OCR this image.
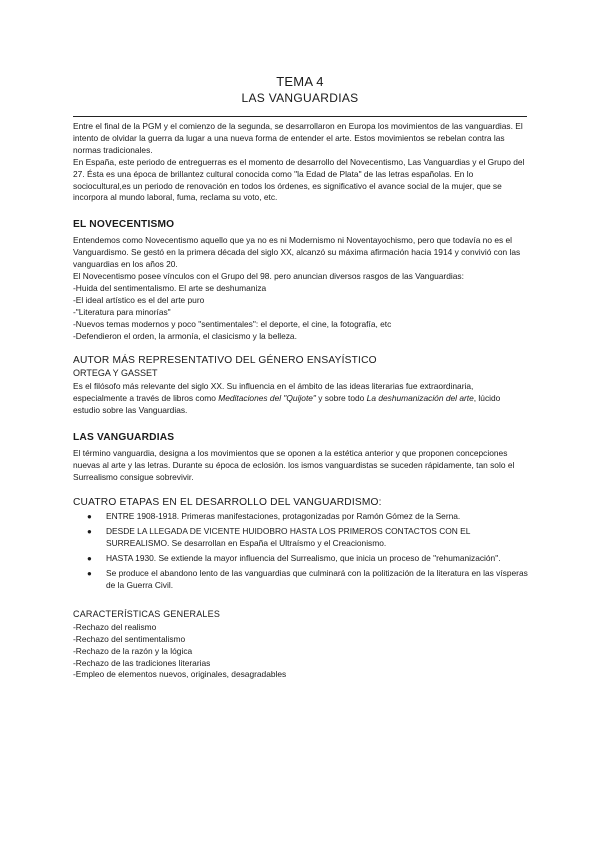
TEMA 4
LAS VANGUARDIAS

Entre el final de la PGM y el comienzo de la segunda, se desarrollaron en Europa los movimientos de las vanguardias. El intento de olvidar la guerra da lugar a una nueva forma de entender el arte. Estos movimientos se rebelan contra las normas tradicionales.

En España, este periodo de entreguerras es el momento de desarrollo del Novecentismo, Las Vanguardias y el Grupo del 27. Ésta es una época de brillantez cultural conocida como "la Edad de Plata" de las letras españolas. En lo sociocultural,es un periodo de renovación en todos los órdenes, es significativo el avance social de la mujer, que se incorpora al mundo laboral, fuma, reclama su voto, etc.

EL NOVECENTISMO

Entendemos como Novecentismo aquello que ya no es ni Modernismo ni Noventayochismo, pero que todavía no es el Vanguardismo. Se gestó en la primera década del siglo XX, alcanzó su máxima afirmación hacia 1914 y convivió con las vanguardias en los años 20.

El Novecentismo posee vínculos con el Grupo del 98. pero anuncian diversos rasgos de las Vanguardias:

-Huida del sentimentalismo. El arte se deshumaniza

-El ideal artístico es el del arte puro

-"Literatura para minorías"

-Nuevos temas modernos y poco "sentimentales": el deporte, el cine, la fotografía, etc

-Defendieron el orden, la armonía, el clasicismo y la belleza.

AUTOR MÁS REPRESENTATIVO DEL GÉNERO ENSAYÍSTICO

ORTEGA Y GASSET

Es el filósofo más relevante del siglo XX. Su influencia en el ámbito de las ideas literarias fue extraordinaria, especialmente a través de libros como Meditaciones del "Quijote" y sobre todo La deshumanización del arte, lúcido estudio sobre las Vanguardias.

LAS VANGUARDIAS

El término vanguardia, designa a los movimientos que se oponen a la estética anterior y que proponen concepciones nuevas al arte y las letras. Durante su época de eclosión. los ismos vanguardistas se suceden rápidamente, tan solo el Surrealismo consigue sobrevivir.

CUATRO ETAPAS EN EL DESARROLLO DEL VANGUARDISMO:

● ENTRE 1908-1918. Primeras manifestaciones, protagonizadas por Ramón Gómez de la Serna.
● DESDE LA LLEGADA DE VICENTE HUIDOBRO HASTA LOS PRIMEROS CONTACTOS CON EL SURREALISMO. Se desarrollan en España el Ultraísmo y el Creacionismo.
● HASTA 1930. Se extiende la mayor influencia del Surrealismo, que inicia un proceso de "rehumanización".
● Se produce el abandono lento de las vanguardias que culminará con la politización de la literatura en las vísperas de la Guerra Civil.

CARACTERÍSTICAS GENERALES

-Rechazo del realismo

-Rechazo del sentimentalismo

-Rechazo de la razón y la lógica

-Rechazo de las tradiciones literarias

-Empleo de elementos nuevos, originales, desagradables
